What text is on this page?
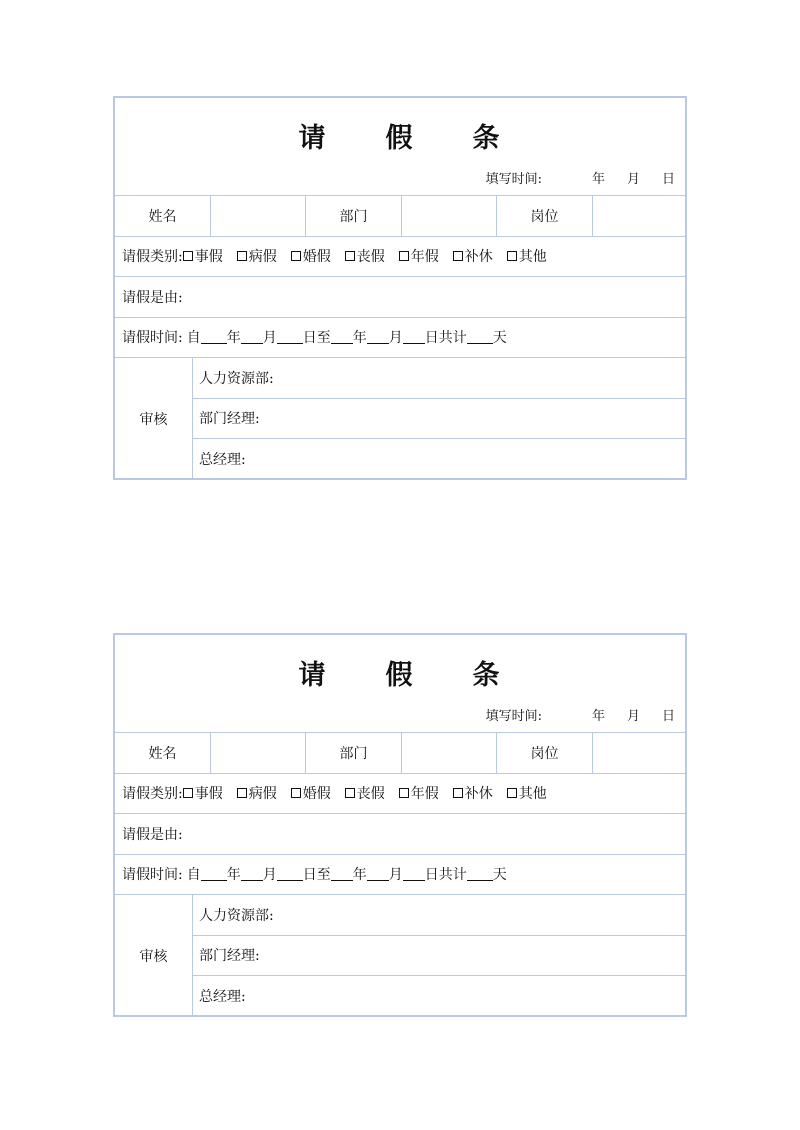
请 假 条
填写时间:	年 月 日
姓名	部门	岗位
请假类别: 事假 病假 婚假 丧假 年假 补休 其他
请假是由:
请假时间: 自 年 月 日至 年 月 日共计 天
审核
人力资源部:
部门经理:
总经理:
请 假 条
填写时间:	年 月 日
姓名	部门	岗位
请假类别: 事假 病假 婚假 丧假 年假 补休 其他
请假是由:
请假时间: 自 年 月 日至 年 月 日共计 天
审核
人力资源部:
部门经理:
总经理:
